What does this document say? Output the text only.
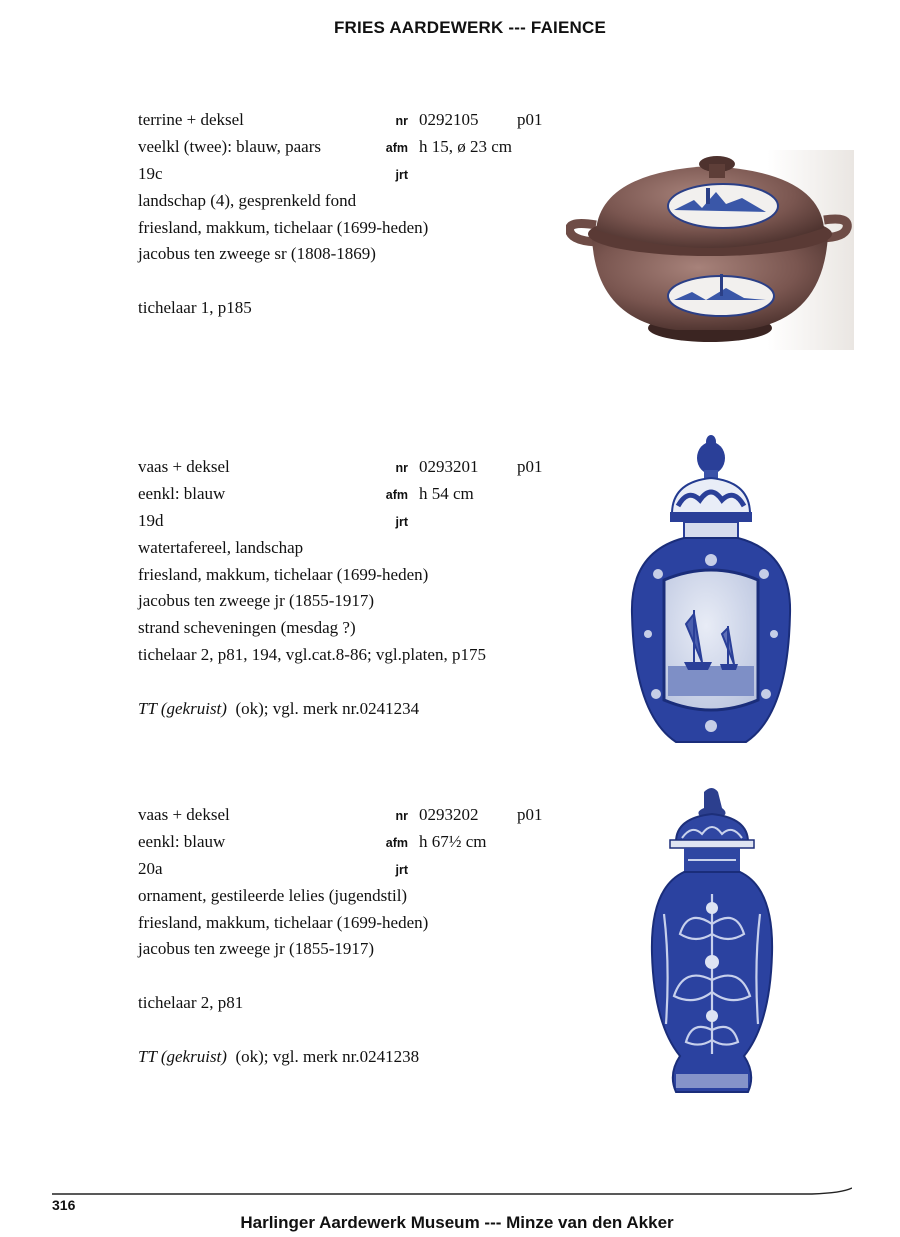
FRIES AARDEWERK --- FAIENCE
terrine + deksel	nr 0292105 p01
veelkl (twee): blauw, paars	afm h 15, ø 23 cm
19c	jrt
landschap (4), gesprenkeld fond
friesland, makkum, tichelaar (1699-heden)
jacobus ten zweege sr (1808-1869)
tichelaar 1, p185
vaas + deksel	nr 0293201 p01
eenkl: blauw	afm h 54 cm
19d	jrt
watertafereel, landschap
friesland, makkum, tichelaar (1699-heden)
jacobus ten zweege jr (1855-1917)
strand scheveningen (mesdag ?)
tichelaar 2, p81, 194, vgl.cat.8-86; vgl.platen, p175
TT (gekruist)  (ok); vgl. merk nr.0241234
vaas + deksel	nr 0293202 p01
eenkl: blauw	afm h 67½ cm
20a	jrt
ornament, gestileerde lelies (jugendstil)
friesland, makkum, tichelaar (1699-heden)
jacobus ten zweege jr (1855-1917)
tichelaar 2, p81
TT (gekruist)  (ok); vgl. merk nr.0241238
316
Harlinger Aardewerk Museum --- Minze van den Akker
